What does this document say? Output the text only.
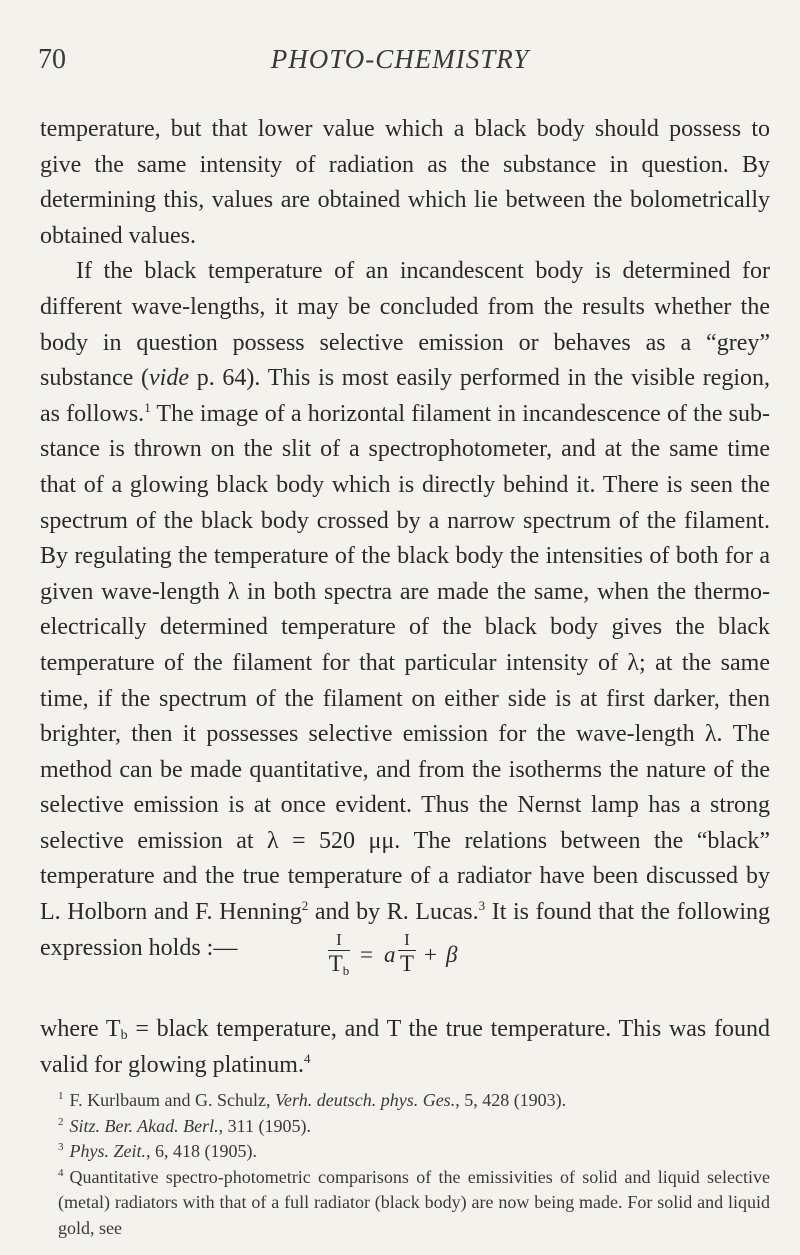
70	PHOTO-CHEMISTRY

temperature, but that lower value which a black body should possess to give the same intensity of radiation as the substance in question. By determining this, values are obtained which lie between the bolometrically obtained values.

If the black temperature of an incandescent body is determined for different wave-lengths, it may be concluded from the results whether the body in question possess selective emission or behaves as a “grey” substance (vide p. 64). This is most easily performed in the visible region, as follows.$^1$ The image of a horizontal filament in incandescence of the substance is thrown on the slit of a spectrophotometer, and at the same time that of a glowing black body which is directly behind it. There is seen the spectrum of the black body crossed by a narrow spectrum of the filament. By regulating the temperature of the black body the intensities of both for a given wave-length λ in both spectra are made the same, when the thermo-electrically determined temperature of the black body gives the black temperature of the filament for that particular intensity of λ; at the same time, if the spectrum of the filament on either side is at first darker, then brighter, then it possesses selective emission for the wave-length λ. The method can be made quantitative, and from the isotherms the nature of the selective emission is at once evident. Thus the Nernst lamp has a strong selective emission at λ = 520 μμ. The relations between the “black” temperature and the true temperature of a radiator have been discussed by L. Holborn and F. Henning$^2$ and by R. Lucas.$^3$ It is found that the following expression holds :—	I
$T_b$
= a
I
T + β
where $T_b$ = black temperature, and T the true temperature. This was found valid for glowing platinum.$^4$
$^1$ F. Kurlbaum and G. Schulz, Verh. deutsch. phys. Ges., 5, 428 (1903).
$^2$ Sitz. Ber. Akad. Berl., 311 (1905).
$^3$ Phys. Zeit., 6, 418 (1905).
$^4$ Quantitative spectro-photometric comparisons of the emissivities of solid and liquid selective (metal) radiators with that of a full radiator (black body) are now being made. For solid and liquid gold, see
